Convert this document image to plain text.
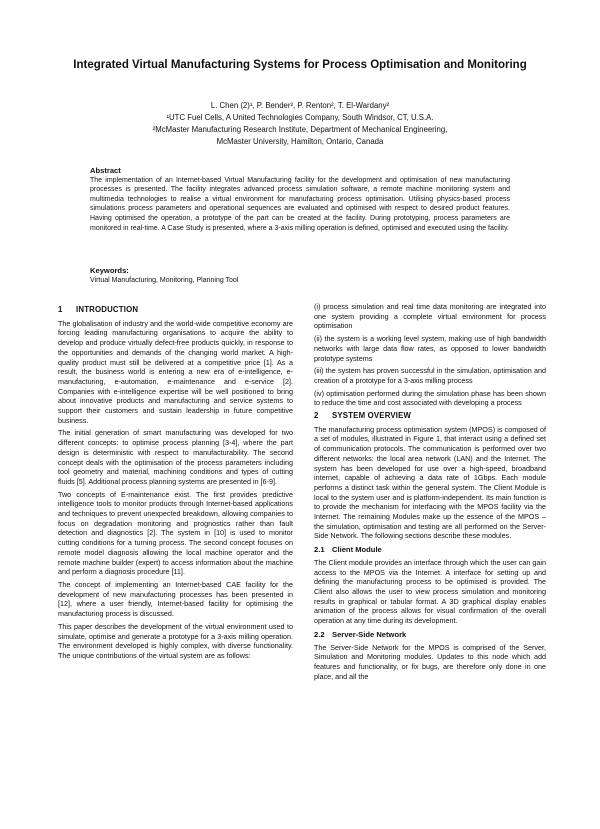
Integrated Virtual Manufacturing Systems for Process Optimisation and Monitoring
L. Chen (2)¹, P. Bender², P. Renton², T. El-Wardany²
¹UTC Fuel Cells, A United Technologies Company, South Windsor, CT, U.S.A.
²McMaster Manufacturing Research Institute, Department of Mechanical Engineering,
McMaster University, Hamilton, Ontario, Canada
Abstract

The implementation of an Internet-based Virtual Manufacturing facility for the development and optimisation of new manufacturing processes is presented. The facility integrates advanced process simulation software, a remote machine monitoring system and multimedia technologies to realise a virtual environment for manufacturing process optimisation. Utilising physics-based process simulations process parameters and operational sequences are evaluated and optimised with respect to desired product features. Having optimised the operation, a prototype of the part can be created at the facility. During prototyping, process parameters are monitored in real-time. A Case Study is presented, where a 3-axis milling operation is defined, optimised and executed using the facility.

Keywords:

Virtual Manufacturing, Monitoring, Planning Tool

1 INTRODUCTION

The globalisation of industry and the world-wide competitive economy are forcing leading manufacturing organisations to acquire the ability to develop and produce virtually defect-free products quickly, in response to the opportunities and demands of the changing world market. A high-quality product must still be delivered at a competitive price [1]. As a result, the business world is entering a new era of e-intelligence, e-manufacturing, e-automation, e-maintenance and e-service [2]. Companies with e-intelligence expertise will be well positioned to bring about innovative products and manufacturing and service systems to support their customers and sustain leadership in future competitive business.

The initial generation of smart manufacturing was developed for two different concepts: to optimise process planning [3-4], where the part design is deterministic with respect to manufacturability. The second concept deals with the optimisation of the process parameters including tool geometry and material, machining conditions and types of cutting fluids [5]. Additional process planning systems are presented in [6-9].

Two concepts of E-maintenance exist. The first provides predictive intelligence tools to monitor products through Internet-based applications and techniques to prevent unexpected breakdown, allowing companies to focus on degradation monitoring and prognostics rather than fault detection and diagnostics [2]. The system in [10] is used to monitor cutting conditions for a turning process. The second concept focuses on remote model diagnosis allowing the local machine operator and the remote machine builder (expert) to access information about the machine and perform a diagnosis procedure [11].

The concept of implementing an Internet-based CAE facility for the development of new manufacturing processes has been presented in [12], where a user friendly, Internet-based facility for optimising the manufacturing process is discussed.

This paper describes the development of the virtual environment used to simulate, optimise and generate a prototype for a 3-axis milling operation. The environment developed is highly complex, with diverse functionality. The unique contributions of the virtual system are as follows:

(i) process simulation and real time data monitoring are integrated into one system providing a complete virtual environment for process optimisation

(ii) the system is a working level system, making use of high bandwidth networks with large data flow rates, as opposed to lower bandwidth prototype systems

(iii) the system has proven successful in the simulation, optimisation and creation of a prototype for a 3-axis milling process

(iv) optimisation performed during the simulation phase has been shown to reduce the time and cost associated with developing a process

2 SYSTEM OVERVIEW

The manufacturing process optimisation system (MPOS) is composed of a set of modules, illustrated in Figure 1, that interact using a defined set of communication protocols. The communication is performed over two different networks: the local area network (LAN) and the Internet. The system has been developed for use over a high-speed, broadband internet, capable of achieving a data rate of 1Gbps. Each module performs a distinct task within the general system. The Client Module is local to the system user and is platform-independent. Its main function is to provide the mechanism for interfacing with the MPOS facility via the Internet. The remaining Modules make up the essence of the MPOS – the simulation, optimisation and testing are all performed on the Server-Side Network. The following sections describe these modules.

2.1 Client Module

The Client module provides an interface through which the user can gain access to the MPOS via the Internet. A interface for setting up and defining the manufacturing process to be optimised is provided. The Client also allows the user to view process simulation and monitoring results in graphical or tabular format. A 3D graphical display enables animation of the process allows for visual confirmation of the overall operation at any time during its development.

2.2 Server-Side Network

The Server-Side Network for the MPOS is comprised of the Server, Simulation and Monitoring modules. Updates to this node which add features and functionality, or fix bugs, are therefore only done in one place, and all the
